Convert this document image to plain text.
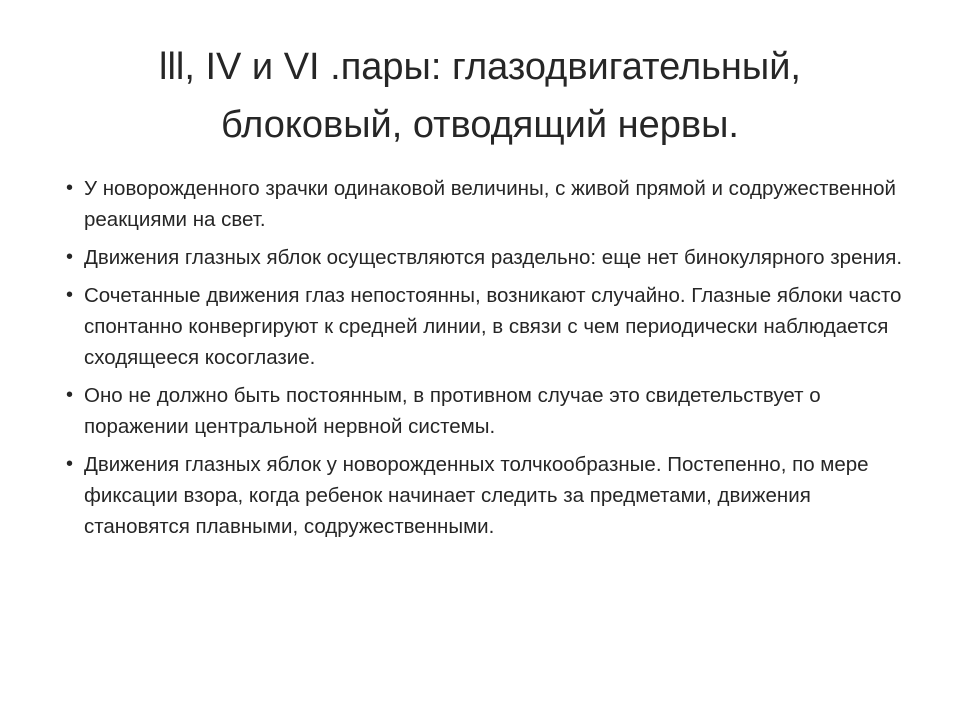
lll, IV и VI .пары: глазодвигательный,
блоковый, отводящий нервы.
• У новорожденного зрачки одинаковой величины, с живой прямой и содружественной реакциями на свет.
• Движения глазных яблок осуществляются раздельно: еще нет бинокулярного зрения.
• Сочетанные движения глаз непостоянны, возникают случайно. Глазные яблоки часто спонтанно конвергируют к средней линии, в связи с чем периодически наблюдается сходящееся косоглазие.
• Оно не должно быть постоянным, в противном случае это свидетельствует о поражении центральной нервной системы.
• Движения глазных яблок у новорожденных толчкообразные. Постепенно, по мере фиксации взора, когда ребенок начинает следить за предметами, движения становятся плавными, содружественными.
